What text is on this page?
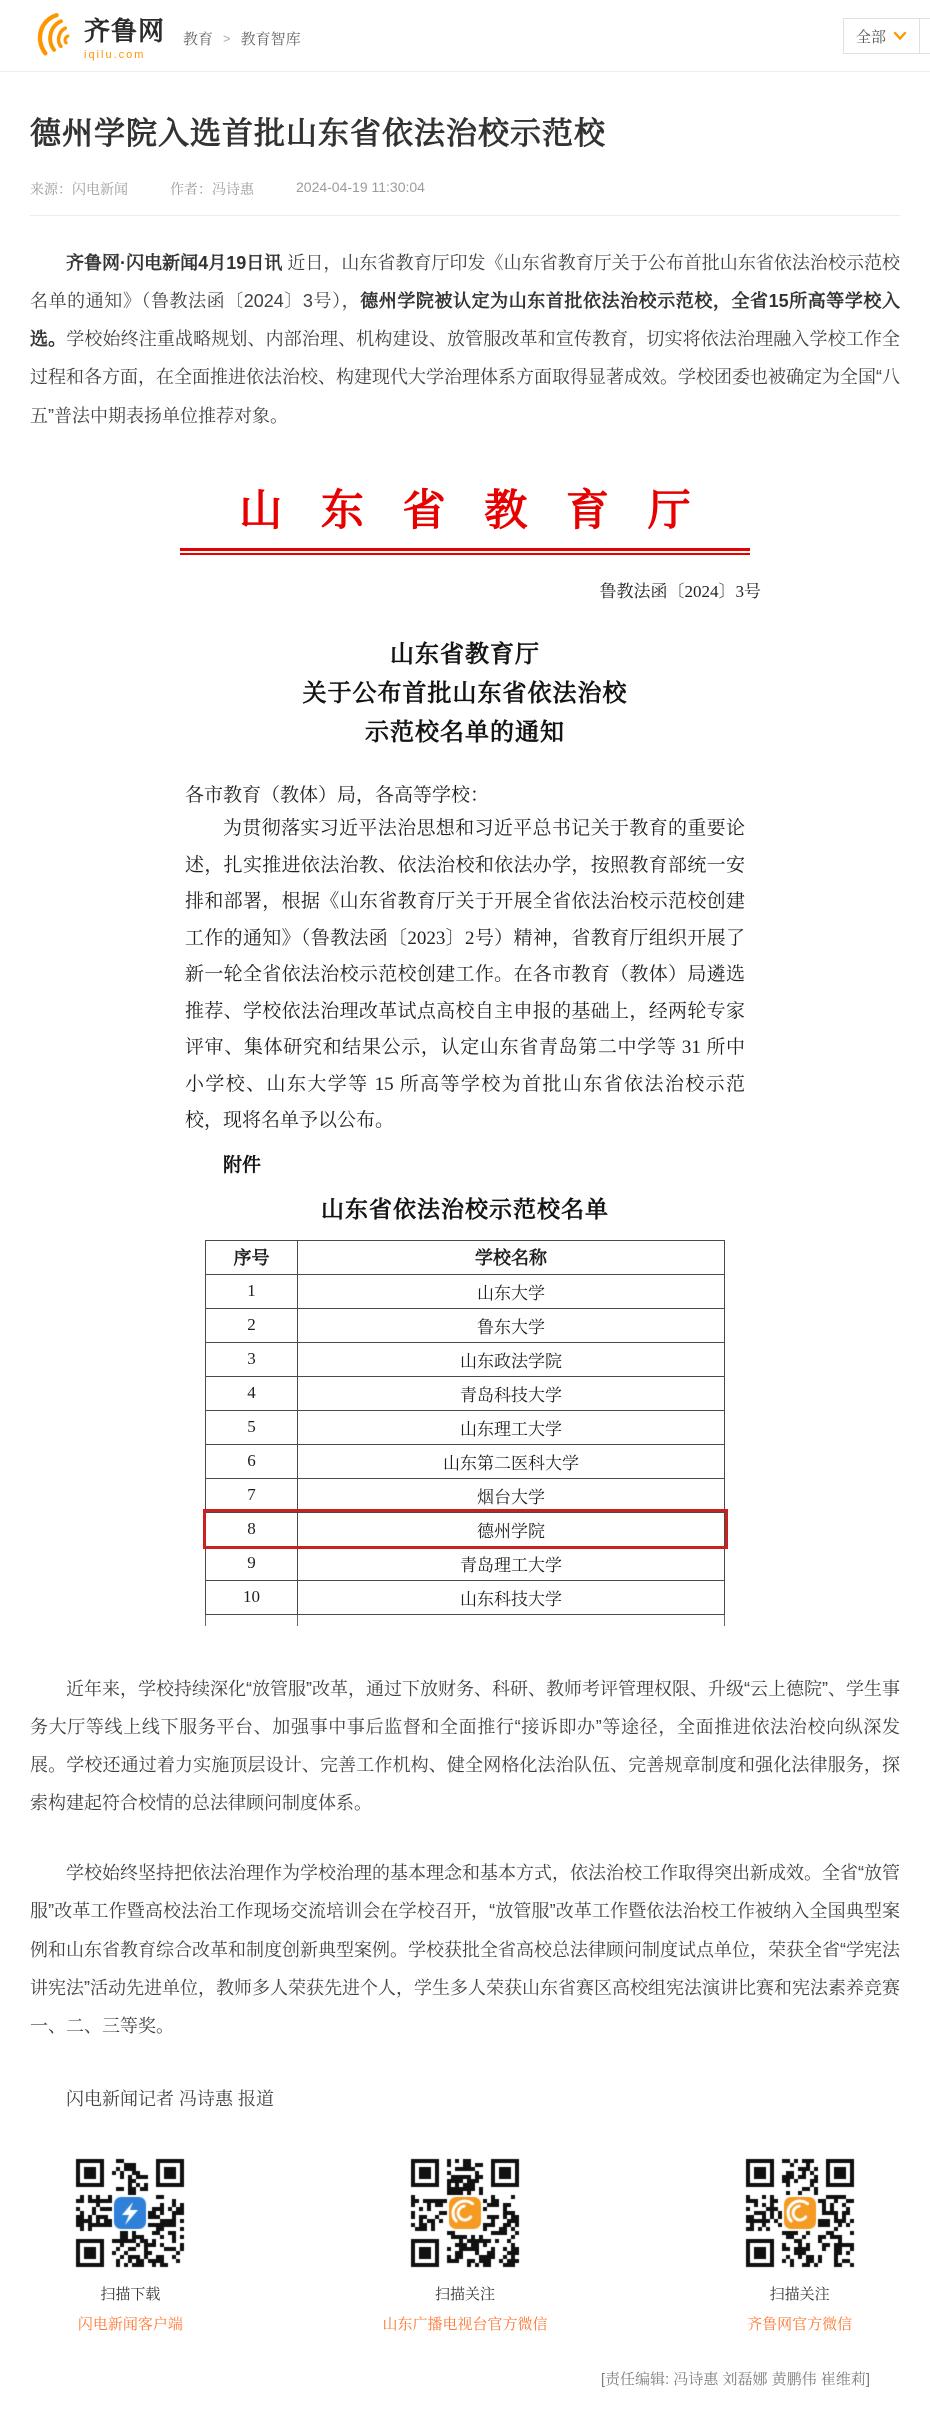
齐鲁网
iqilu.com
教育 > 教育智库	全部
德州学院入选首批山东省依法治校示范校
来源：闪电新闻	作者：冯诗惠	2024-04-19 11:30:04

齐鲁网·闪电新闻4月19日讯 近日，山东省教育厅印发《山东省教育厅关于公布首批山东省依法治校示范校名单的通知》（鲁教法函〔2024〕3号），德州学院被认定为山东首批依法治校示范校，全省15所高等学校入选。学校始终注重战略规划、内部治理、机构建设、放管服改革和宣传教育，切实将依法治理融入学校工作全过程和各方面，在全面推进依法治校、构建现代大学治理体系方面取得显著成效。学校团委也被确定为全国“八五”普法中期表扬单位推荐对象。

山东省教育厅
鲁教法函〔2024〕3号
山东省教育厅
关于公布首批山东省依法治校
示范校名单的通知

各市教育（教体）局，各高等学校：

为贯彻落实习近平法治思想和习近平总书记关于教育的重要论述，扎实推进依法治教、依法治校和依法办学，按照教育部统一安排和部署，根据《山东省教育厅关于开展全省依法治校示范校创建工作的通知》（鲁教法函〔2023〕2号）精神，省教育厅组织开展了新一轮全省依法治校示范校创建工作。在各市教育（教体）局遴选推荐、学校依法治理改革试点高校自主申报的基础上，经两轮专家评审、集体研究和结果公示，认定山东省青岛第二中学等 31 所中小学校、山东大学等 15 所高等学校为首批山东省依法治校示范校，现将名单予以公布。

附件

山东省依法治校示范校名单
序号	学校名称
1	山东大学
2	鲁东大学
3	山东政法学院
4	青岛科技大学
5	山东理工大学
6	山东第二医科大学
7	烟台大学
8	德州学院
9	青岛理工大学
10	山东科技大学

近年来，学校持续深化“放管服”改革，通过下放财务、科研、教师考评管理权限、升级“云上德院”、学生事务大厅等线上线下服务平台、加强事中事后监督和全面推行“接诉即办”等途径，全面推进依法治校向纵深发展。学校还通过着力实施顶层设计、完善工作机构、健全网格化法治队伍、完善规章制度和强化法律服务，探索构建起符合校情的总法律顾问制度体系。

学校始终坚持把依法治理作为学校治理的基本理念和基本方式，依法治校工作取得突出新成效。全省“放管服”改革工作暨高校法治工作现场交流培训会在学校召开，“放管服”改革工作暨依法治校工作被纳入全国典型案例和山东省教育综合改革和制度创新典型案例。学校获批全省高校总法律顾问制度试点单位，荣获全省“学宪法讲宪法”活动先进单位，教师多人荣获先进个人，学生多人荣获山东省赛区高校组宪法演讲比赛和宪法素养竞赛一、二、三等奖。

闪电新闻记者 冯诗惠 报道

扫描下载
闪电新闻客户端
扫描关注
山东广播电视台官方微信
扫描关注
齐鲁网官方微信
[责任编辑: 冯诗惠 刘磊娜 黄鹏伟 崔维莉]
